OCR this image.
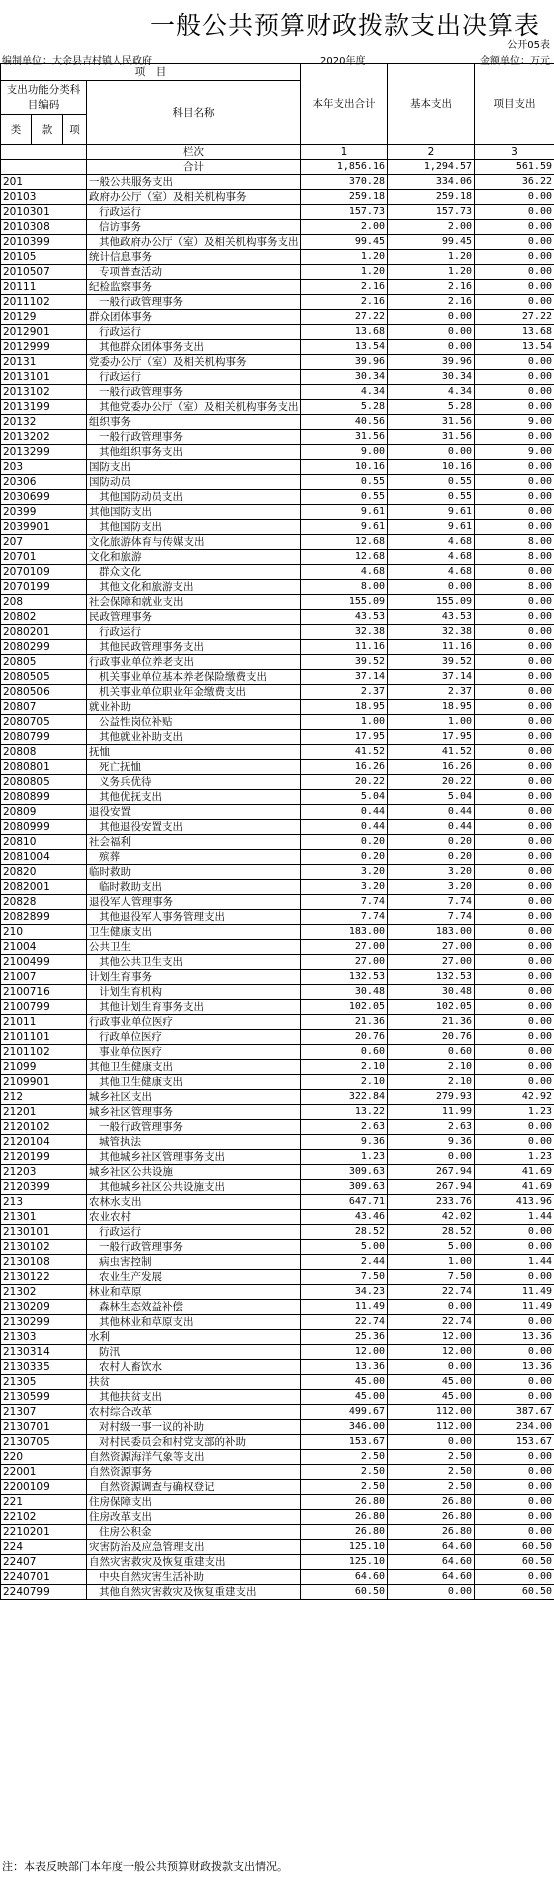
一般公共预算财政拨款支出决算表
公开05表
编制单位：大余县吉村镇人民政府	2020年度	金额单位：万元
项　目				本年支出合计	基本支出	项目支出
支出功能分类科目编码			科目名称			
类	款	项				
			栏次	1	2	3
			合计	1,856.16	1,294.57	561.59
201			一般公共服务支出	370.28	334.06	36.22
20103			政府办公厅（室）及相关机构事务	259.18	259.18	0.00
2010301			行政运行	157.73	157.73	0.00
2010308			信访事务	2.00	2.00	0.00
2010399			其他政府办公厅（室）及相关机构事务支出	99.45	99.45	0.00
20105			统计信息事务	1.20	1.20	0.00
2010507			专项普查活动	1.20	1.20	0.00
20111			纪检监察事务	2.16	2.16	0.00
2011102			一般行政管理事务	2.16	2.16	0.00
20129			群众团体事务	27.22	0.00	27.22
2012901			行政运行	13.68	0.00	13.68
2012999			其他群众团体事务支出	13.54	0.00	13.54
20131			党委办公厅（室）及相关机构事务	39.96	39.96	0.00
2013101			行政运行	30.34	30.34	0.00
2013102			一般行政管理事务	4.34	4.34	0.00
2013199			其他党委办公厅（室）及相关机构事务支出	5.28	5.28	0.00
20132			组织事务	40.56	31.56	9.00
2013202			一般行政管理事务	31.56	31.56	0.00
2013299			其他组织事务支出	9.00	0.00	9.00
203			国防支出	10.16	10.16	0.00
20306			国防动员	0.55	0.55	0.00
2030699			其他国防动员支出	0.55	0.55	0.00
20399			其他国防支出	9.61	9.61	0.00
2039901			其他国防支出	9.61	9.61	0.00
207			文化旅游体育与传媒支出	12.68	4.68	8.00
20701			文化和旅游	12.68	4.68	8.00
2070109			群众文化	4.68	4.68	0.00
2070199			其他文化和旅游支出	8.00	0.00	8.00
208			社会保障和就业支出	155.09	155.09	0.00
20802			民政管理事务	43.53	43.53	0.00
2080201			行政运行	32.38	32.38	0.00
2080299			其他民政管理事务支出	11.16	11.16	0.00
20805			行政事业单位养老支出	39.52	39.52	0.00
2080505			机关事业单位基本养老保险缴费支出	37.14	37.14	0.00
2080506			机关事业单位职业年金缴费支出	2.37	2.37	0.00
20807			就业补助	18.95	18.95	0.00
2080705			公益性岗位补贴	1.00	1.00	0.00
2080799			其他就业补助支出	17.95	17.95	0.00
20808			抚恤	41.52	41.52	0.00
2080801			死亡抚恤	16.26	16.26	0.00
2080805			义务兵优待	20.22	20.22	0.00
2080899			其他优抚支出	5.04	5.04	0.00
20809			退役安置	0.44	0.44	0.00
2080999			其他退役安置支出	0.44	0.44	0.00
20810			社会福利	0.20	0.20	0.00
2081004			殡葬	0.20	0.20	0.00
20820			临时救助	3.20	3.20	0.00
2082001			临时救助支出	3.20	3.20	0.00
20828			退役军人管理事务	7.74	7.74	0.00
2082899			其他退役军人事务管理支出	7.74	7.74	0.00
210			卫生健康支出	183.00	183.00	0.00
21004			公共卫生	27.00	27.00	0.00
2100499			其他公共卫生支出	27.00	27.00	0.00
21007			计划生育事务	132.53	132.53	0.00
2100716			计划生育机构	30.48	30.48	0.00
2100799			其他计划生育事务支出	102.05	102.05	0.00
21011			行政事业单位医疗	21.36	21.36	0.00
2101101			行政单位医疗	20.76	20.76	0.00
2101102			事业单位医疗	0.60	0.60	0.00
21099			其他卫生健康支出	2.10	2.10	0.00
2109901			其他卫生健康支出	2.10	2.10	0.00
212			城乡社区支出	322.84	279.93	42.92
21201			城乡社区管理事务	13.22	11.99	1.23
2120102			一般行政管理事务	2.63	2.63	0.00
2120104			城管执法	9.36	9.36	0.00
2120199			其他城乡社区管理事务支出	1.23	0.00	1.23
21203			城乡社区公共设施	309.63	267.94	41.69
2120399			其他城乡社区公共设施支出	309.63	267.94	41.69
213			农林水支出	647.71	233.76	413.96
21301			农业农村	43.46	42.02	1.44
2130101			行政运行	28.52	28.52	0.00
2130102			一般行政管理事务	5.00	5.00	0.00
2130108			病虫害控制	2.44	1.00	1.44
2130122			农业生产发展	7.50	7.50	0.00
21302			林业和草原	34.23	22.74	11.49
2130209			森林生态效益补偿	11.49	0.00	11.49
2130299			其他林业和草原支出	22.74	22.74	0.00
21303			水利	25.36	12.00	13.36
2130314			防汛	12.00	12.00	0.00
2130335			农村人畜饮水	13.36	0.00	13.36
21305			扶贫	45.00	45.00	0.00
2130599			其他扶贫支出	45.00	45.00	0.00
21307			农村综合改革	499.67	112.00	387.67
2130701			对村级一事一议的补助	346.00	112.00	234.00
2130705			对村民委员会和村党支部的补助	153.67	0.00	153.67
220			自然资源海洋气象等支出	2.50	2.50	0.00
22001			自然资源事务	2.50	2.50	0.00
2200109			自然资源调查与确权登记	2.50	2.50	0.00
221			住房保障支出	26.80	26.80	0.00
22102			住房改革支出	26.80	26.80	0.00
2210201			住房公积金	26.80	26.80	0.00
224			灾害防治及应急管理支出	125.10	64.60	60.50
22407			自然灾害救灾及恢复重建支出	125.10	64.60	60.50
2240701			中央自然灾害生活补助	64.60	64.60	0.00
2240799			其他自然灾害救灾及恢复重建支出	60.50	0.00	60.50
注：本表反映部门本年度一般公共预算财政拨款支出情况。
